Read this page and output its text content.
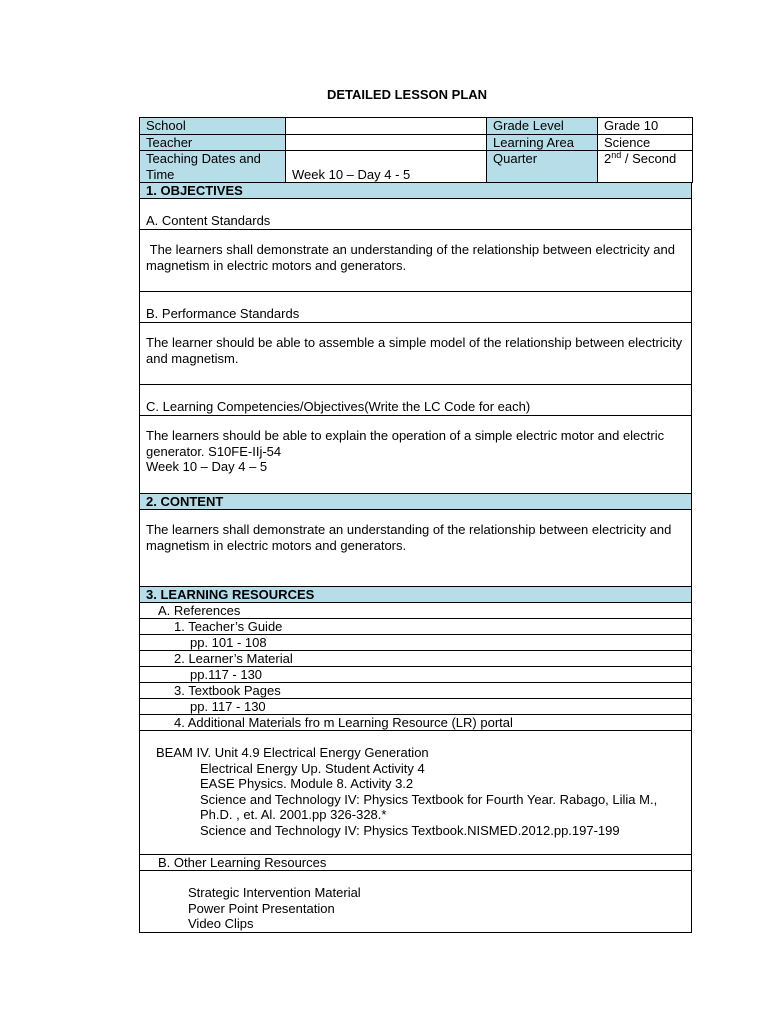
DETAILED LESSON PLAN
School		Grade Level	Grade 10
Teacher		Learning Area	Science
Teaching Dates and Time	Week 10 – Day 4 - 5	Quarter	2nd / Second
1. OBJECTIVES
A. Content Standards
The learners shall demonstrate an understanding of the relationship between electricity and magnetism in electric motors and generators.
B. Performance Standards
The learner should be able to assemble a simple model of the relationship between electricity and magnetism.
C. Learning Competencies/Objectives(Write the LC Code for each)
The learners should be able to explain the operation of a simple electric motor and electric generator. S10FE-IIj-54
Week 10 – Day 4 – 5
2. CONTENT
The learners shall demonstrate an understanding of the relationship between electricity and magnetism in electric motors and generators.
3. LEARNING RESOURCES
A. References
1. Teacher’s Guide
pp. 101 - 108
2. Learner’s Material
pp.117 - 130
3. Textbook Pages
pp. 117 - 130
4. Additional Materials fro m Learning Resource (LR) portal
BEAM IV. Unit 4.9 Electrical Energy Generation
Electrical Energy Up. Student Activity 4
EASE Physics. Module 8. Activity 3.2
Science and Technology IV: Physics Textbook for Fourth Year. Rabago, Lilia M., Ph.D. , et. Al. 2001.pp 326-328.*
Science and Technology IV: Physics Textbook.NISMED.2012.pp.197-199
B. Other Learning Resources
Strategic Intervention Material
Power Point Presentation
Video Clips
